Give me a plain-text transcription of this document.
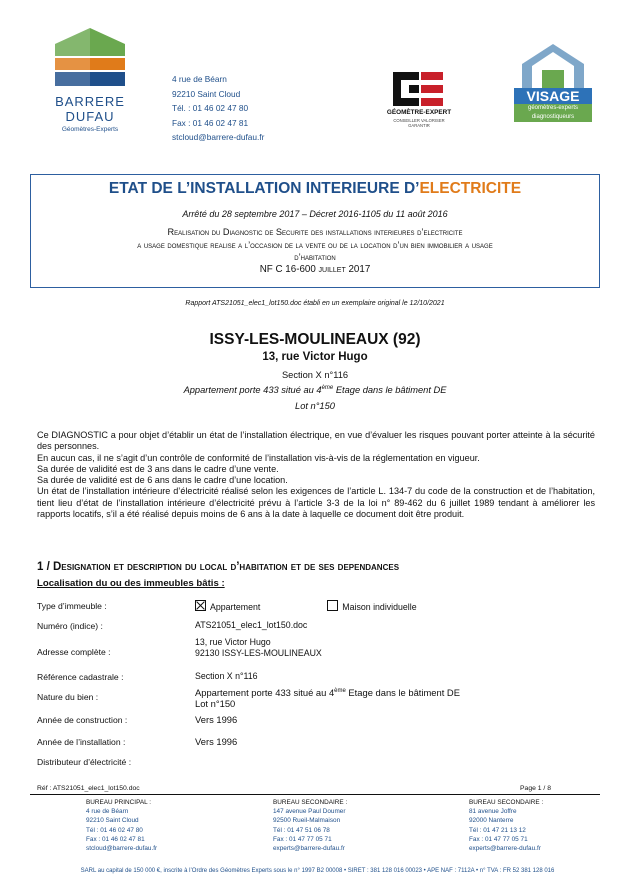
BARRERE
DUFAU
Géomètres-Experts
4 rue de Béarn
92210 Saint Cloud
Tél. : 01 46 02 47 80
Fax : 01 46 02 47 81
stcloud@barrere-dufau.fr
GÉOMÈTRE-EXPERT
CONSEILLER VALORISER GARANTIR
VISAGE
géomètres-experts
diagnostiqueurs
ETAT DE L’INSTALLATION INTERIEURE D’ELECTRICITE
Arrêté du 28 septembre 2017 – Décret 2016-1105 du 11 août 2016
Realisation du Diagnostic de Securite des installations interieures d’electricite
a usage domestique realise a l’occasion de la vente ou de la location d’un bien immobilier a usage
d’habitation
NF C 16-600 juillet 2017
Rapport ATS21051_elec1_lot150.doc établi en un exemplaire original le 12/10/2021
ISSY-LES-MOULINEAUX (92)
13, rue Victor Hugo
Section X n°116
Appartement porte 433 situé au 4ème Etage dans le bâtiment DE
Lot n°150

Ce DIAGNOSTIC a pour objet d’établir un état de l’installation électrique, en vue d’évaluer les risques pouvant porter atteinte à la sécurité des personnes.

En aucun cas, il ne s’agit d’un contrôle de conformité de l’installation vis-à-vis de la réglementation en vigueur.

Sa durée de validité est de 3 ans dans le cadre d’une vente.

Sa durée de validité est de 6 ans dans le cadre d’une location.

Un état de l’installation intérieure d’électricité réalisé selon les exigences de l’article L. 134-7 du code de la construction et de l’habitation, tient lieu d’état de l’installation intérieure d’électricité prévu à l’article 3-3 de la loi n° 89-462 du 6 juillet 1989 tendant à améliorer les rapports locatifs, s’il a été réalisé depuis moins de 6 ans à la date à laquelle ce document doit être produit.

1 / Designation et description du local d’habitation et de ses dependances
Localisation du ou des immeubles bâtis :
Type d’immeuble :	Appartement	Maison individuelle
Numéro (indice) :	ATS21051_elec1_lot150.doc
Adresse complète :
13, rue Victor Hugo
92130 ISSY-LES-MOULINEAUX
Référence cadastrale :	Section X n°116
Nature du bien :	Appartement porte 433 situé au 4ème Etage dans le bâtiment DE
Lot n°150
Année de construction :	Vers 1996
Année de l’installation :	Vers 1996
Distributeur d’électricité :
Réf : ATS21051_elec1_lot150.doc	Page 1 / 8
BUREAU PRINCIPAL :
4 rue de Béarn
92210 Saint Cloud
Tél : 01 46 02 47 80
Fax : 01 46 02 47 81
stcloud@barrere-dufau.fr
BUREAU SECONDAIRE :
147 avenue Paul Doumer
92500 Rueil-Malmaison
Tél : 01 47 51 06 78
Fax : 01 47 77 05 71
experts@barrere-dufau.fr
BUREAU SECONDAIRE :
81 avenue Joffre
92000 Nanterre
Tél : 01 47 21 13 12
Fax : 01 47 77 05 71
experts@barrere-dufau.fr
SARL au capital de 150 000 €, inscrite à l’Ordre des Géomètres Experts sous le n° 1997 B2 00008 • SIRET : 381 128 016 00023 • APE NAF : 7112A • n° TVA : FR 52 381 128 016
